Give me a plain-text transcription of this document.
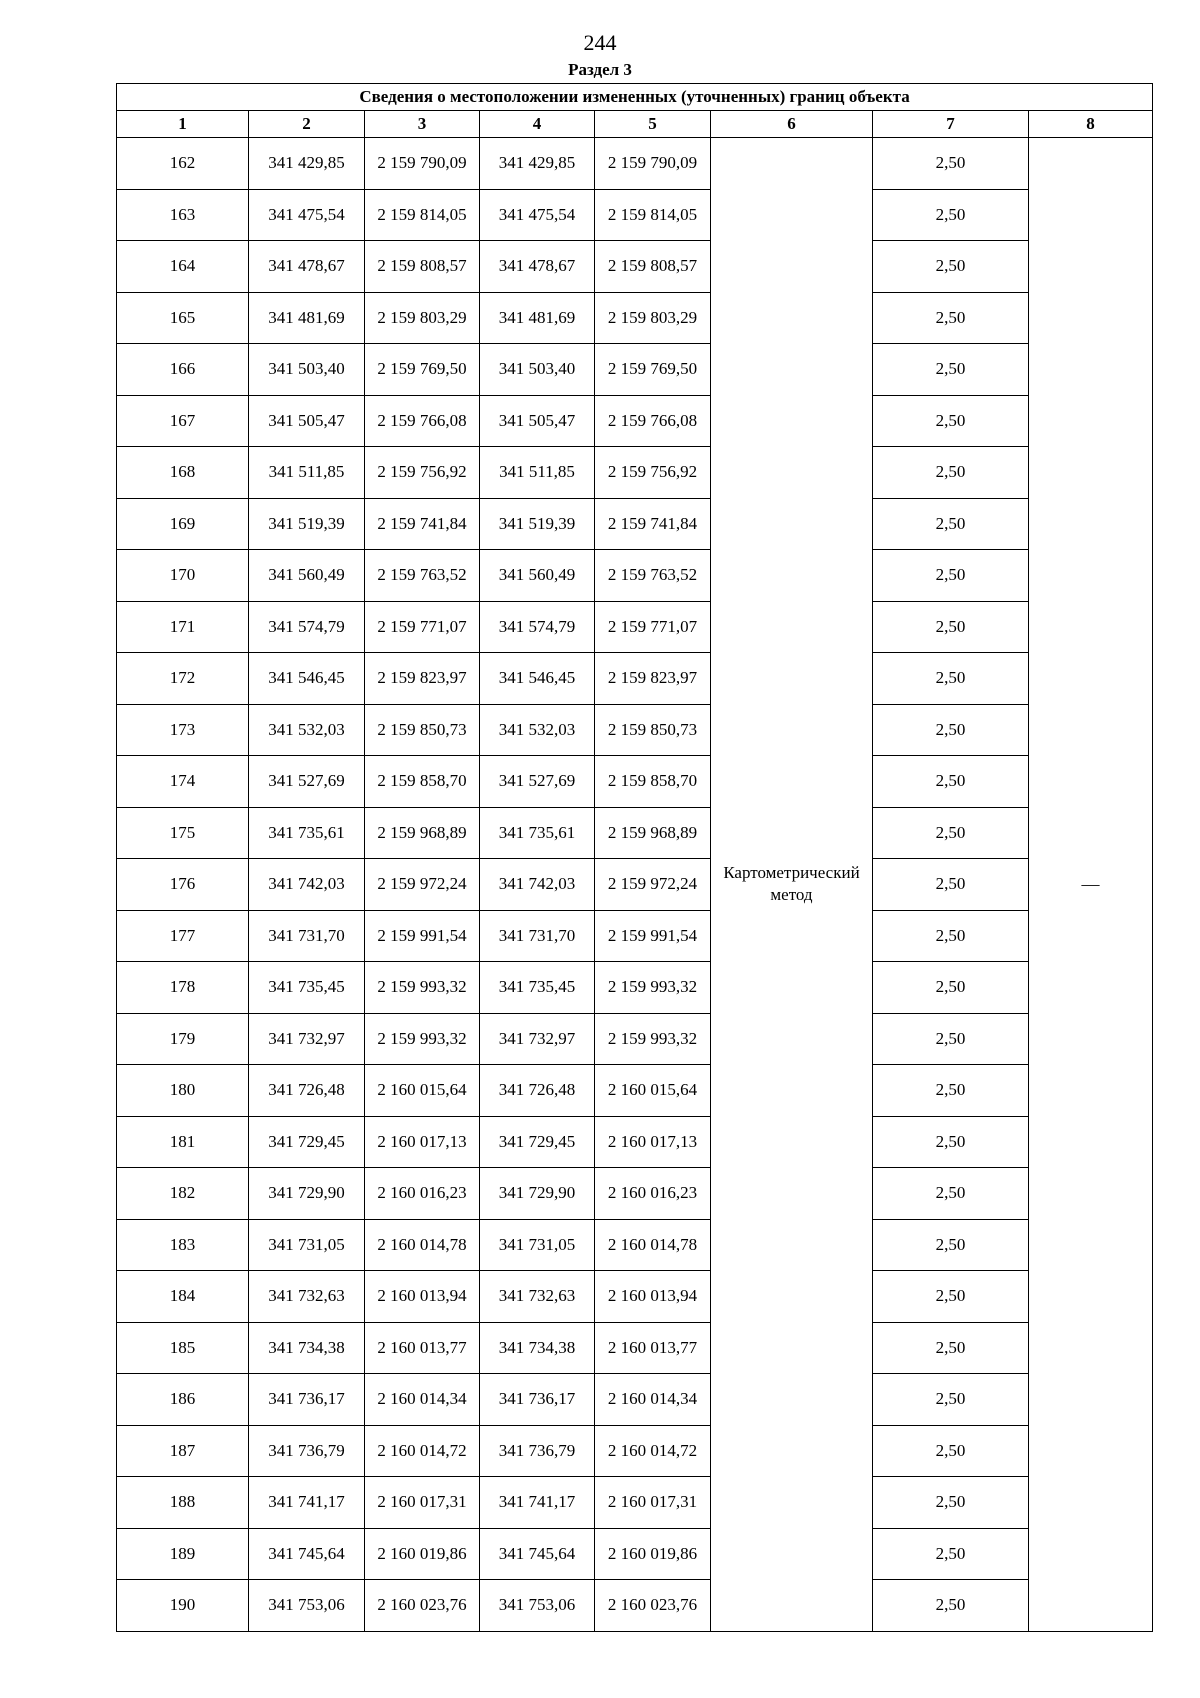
244
Раздел 3
Сведения о местоположении измененных (уточненных) границ объекта							
1	2	3	4	5	6	7	8
162	341 429,85	2 159 790,09	341 429,85	2 159 790,09	Картометрический метод	2,50	—
163	341 475,54	2 159 814,05	341 475,54	2 159 814,05		2,50	
164	341 478,67	2 159 808,57	341 478,67	2 159 808,57		2,50	
165	341 481,69	2 159 803,29	341 481,69	2 159 803,29		2,50	
166	341 503,40	2 159 769,50	341 503,40	2 159 769,50		2,50	
167	341 505,47	2 159 766,08	341 505,47	2 159 766,08		2,50	
168	341 511,85	2 159 756,92	341 511,85	2 159 756,92		2,50	
169	341 519,39	2 159 741,84	341 519,39	2 159 741,84		2,50	
170	341 560,49	2 159 763,52	341 560,49	2 159 763,52		2,50	
171	341 574,79	2 159 771,07	341 574,79	2 159 771,07		2,50	
172	341 546,45	2 159 823,97	341 546,45	2 159 823,97		2,50	
173	341 532,03	2 159 850,73	341 532,03	2 159 850,73		2,50	
174	341 527,69	2 159 858,70	341 527,69	2 159 858,70		2,50	
175	341 735,61	2 159 968,89	341 735,61	2 159 968,89		2,50	
176	341 742,03	2 159 972,24	341 742,03	2 159 972,24		2,50	
177	341 731,70	2 159 991,54	341 731,70	2 159 991,54		2,50	
178	341 735,45	2 159 993,32	341 735,45	2 159 993,32		2,50	
179	341 732,97	2 159 993,32	341 732,97	2 159 993,32		2,50	
180	341 726,48	2 160 015,64	341 726,48	2 160 015,64		2,50	
181	341 729,45	2 160 017,13	341 729,45	2 160 017,13		2,50	
182	341 729,90	2 160 016,23	341 729,90	2 160 016,23		2,50	
183	341 731,05	2 160 014,78	341 731,05	2 160 014,78		2,50	
184	341 732,63	2 160 013,94	341 732,63	2 160 013,94		2,50	
185	341 734,38	2 160 013,77	341 734,38	2 160 013,77		2,50	
186	341 736,17	2 160 014,34	341 736,17	2 160 014,34		2,50	
187	341 736,79	2 160 014,72	341 736,79	2 160 014,72		2,50	
188	341 741,17	2 160 017,31	341 741,17	2 160 017,31		2,50	
189	341 745,64	2 160 019,86	341 745,64	2 160 019,86		2,50	
190	341 753,06	2 160 023,76	341 753,06	2 160 023,76		2,50	
